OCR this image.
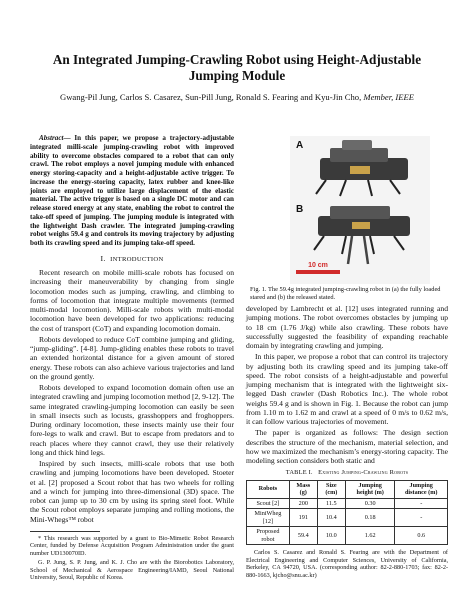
An Integrated Jumping-Crawling Robot using Height-Adjustable Jumping Module
Gwang-Pil Jung, Carlos S. Casarez, Sun-Pill Jung, Ronald S. Fearing and Kyu-Jin Cho, Member, IEEE

Abstract— In this paper, we propose a trajectory-adjustable integrated milli-scale jumping-crawling robot with improved ability to overcome obstacles compared to a robot that can only crawl. The robot employs a novel jumping module with enhanced energy storing-capacity and a height-adjustable active trigger. To increase the energy-storing capacity, latex rubber and knee-like joints are employed to utilize large displacement of the elastic material. The active trigger is based on a single DC motor and can release stored energy at any state, enabling the robot to control the take-off speed of jumping. The jumping module is integrated with the lightweight Dash crawler. The integrated jumping-crawling robot weighs 59.4 g and controls its moving trajectory by adjusting both its crawling speed and its jumping take-off speed.

I. INTRODUCTION

Recent research on mobile milli-scale robots has focused on increasing their maneuverability by changing from single locomotion modes such as jumping, crawling, and climbing to forms of locomotion that integrate multiple movements (termed multi-modal locomotion). Milli-scale robots with multi-modal locomotion have been developed for two applications: reducing the cost of transport (CoT) and expanding locomotion domain.

Robots developed to reduce CoT combine jumping and gliding, “jump-gliding”. [4-8]. Jump-gliding enables these robots to travel an extended horizontal distance for a given amount of stored energy. These robots can also achieve various trajectories and land on the ground gently.

Robots developed to expand locomotion domain often use an integrated crawling and jumping locomotion method [2, 9-12]. The same integrated crawling-jumping locomotion can easily be seen in small insects such as locusts, grasshoppers and froghoppers. During ordinary locomotion, these insects mainly use their four fore-legs to walk and crawl. But to escape from predators and to reach places where they cannot crawl, they use their relatively long and thick hind legs.

Inspired by such insects, milli-scale robots that use both crawling and jumping locomotions have been developed. Stoeter et al. [2] proposed a Scout robot that has two wheels for rolling and a winch for jumping into three-dimensional (3D) space. The robot can jump up to 30 cm by using its spring steel foot. While the Scout robot employs separate jumping and rolling motions, the Mini-Whegs™ robot

* This research was supported by a grant to Bio-Mimetic Robot Research Center, funded by Defense Acquisition Program Administration under the grant number UD130070ID.

G. P. Jung, S. P. Jung, and K. J. Cho are with the Biorobotics Laboratory, School of Mechanical & Aerospace Engineering/IAMD, Seoul National University, Seoul, Republic of Korea.

10 cm
A
B
Fig. 1. The 59.4g integrated jumping-crawling robot in (a) the fully loaded stared and (b) the released stated.

developed by Lambrecht et al. [12] uses integrated running and jumping motions. The robot overcomes obstacles by jumping up to 18 cm (1.76 J/kg) while also crawling. These robots have successfully suggested the feasibility of expanding reachable domain by integrating crawling and jumping.

In this paper, we propose a robot that can control its trajectory by adjusting both its crawling speed and its jumping take-off speed. The robot consists of a height-adjustable and powerful jumping mechanism that is integrated with the lightweight six-legged Dash crawler (Dash Robotics Inc.). The whole robot weighs 59.4 g and is shown in Fig. 1. Because the robot can jump from 1.10 m to 1.62 m and crawl at a speed of 0 m/s to 0.62 m/s, it can follow various trajectories of movement.

The paper is organized as follows: The design section describes the structure of the mechanism, material selection, and how we maximized the mechanism’s energy-storing capacity. The modeling section considers both static and

TABLE I. Existing Jumping-Crawling Robots
Robots	Mass (g)	Size (cm)	Jumping height (m)	Jumping distance (m)
Scout [2]	200	11.5	0.30	-
MiniWheg [12]	191	10.4	0.18	-
Proposed robot	59.4	10.0	1.62	0.6

Carlos S. Casarez and Ronald S. Fearing are with the Department of Electrical Engineering and Computer Sciences, University of California, Berkeley, CA 94720, USA. (corresponding author: 82-2-880-1703; fax: 82-2-880-1663, kjcho@snu.ac.kr)
